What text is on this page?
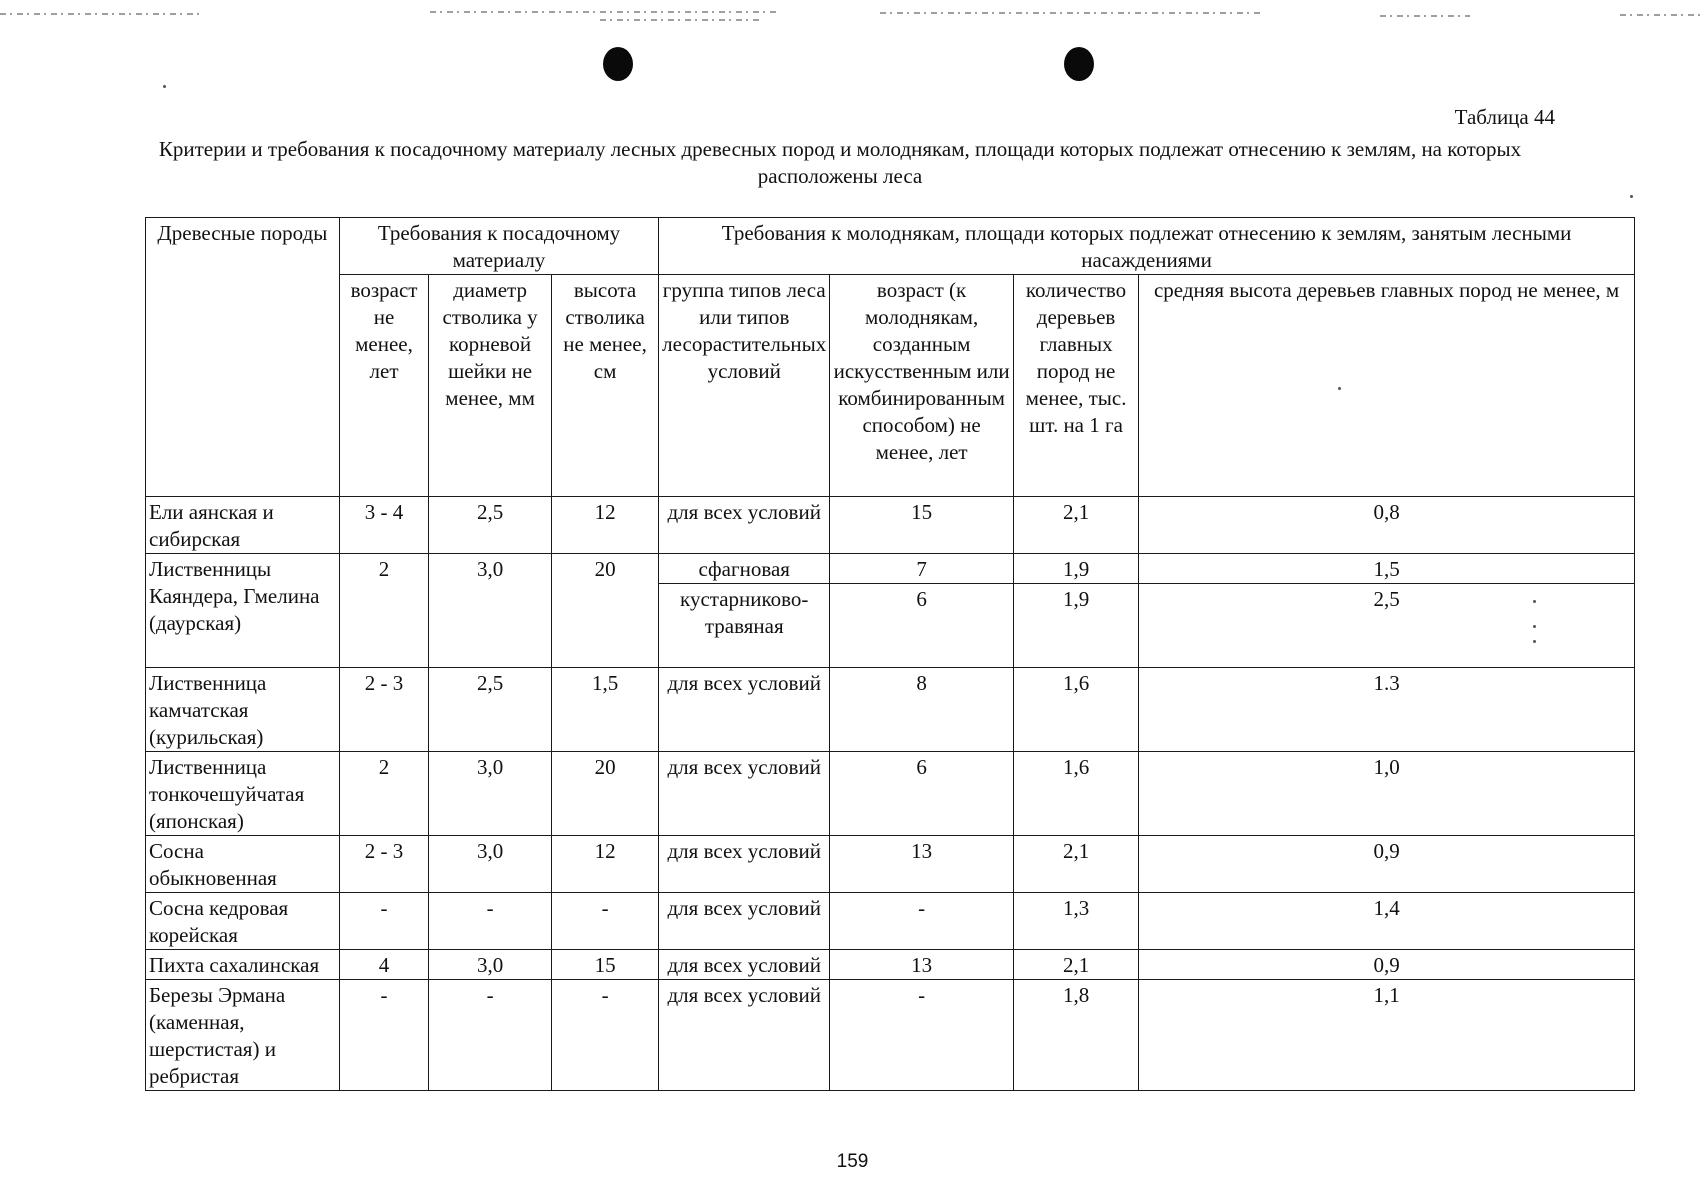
Таблица 44
Критерии и требования к посадочному материалу лесных древесных пород и молоднякам, площади которых подлежат отнесению к землям, на которых расположены леса
Древесные породы	Требования к посадочному материалу			Требования к молоднякам, площади которых подлежат отнесению к землям, занятым лесными насаждениями			
	возраст не менее, лет	диаметр стволика у корневой шейки не менее, мм	высота стволика не менее, см	группа типов леса или типов лесорастительных условий	возраст (к молоднякам, созданным искусственным или комбинированным способом) не менее, лет	количество деревьев главных пород не менее, тыс. шт. на 1 га	средняя высота деревьев главных пород не менее, м
Ели аянская и сибирская	3 - 4	2,5	12	для всех условий	15	2,1	0,8
Лиственницы Каяндера, Гмелина (даурская)	2	3,0	20	сфагновая	7	1,9	1,5
				кустарниково-травяная	6	1,9	2,5
Лиственница камчатская (курильская)	2 - 3	2,5	1,5	для всех условий	8	1,6	1.3
Лиственница тонкочешуйчатая (японская)	2	3,0	20	для всех условий	6	1,6	1,0
Сосна обыкновенная	2 - 3	3,0	12	для всех условий	13	2,1	0,9
Сосна кедровая корейская	-	-	-	для всех условий	-	1,3	1,4
Пихта сахалинская	4	3,0	15	для всех условий	13	2,1	0,9
Березы Эрмана (каменная, шерстистая) и ребристая	-	-	-	для всех условий	-	1,8	1,1
159
